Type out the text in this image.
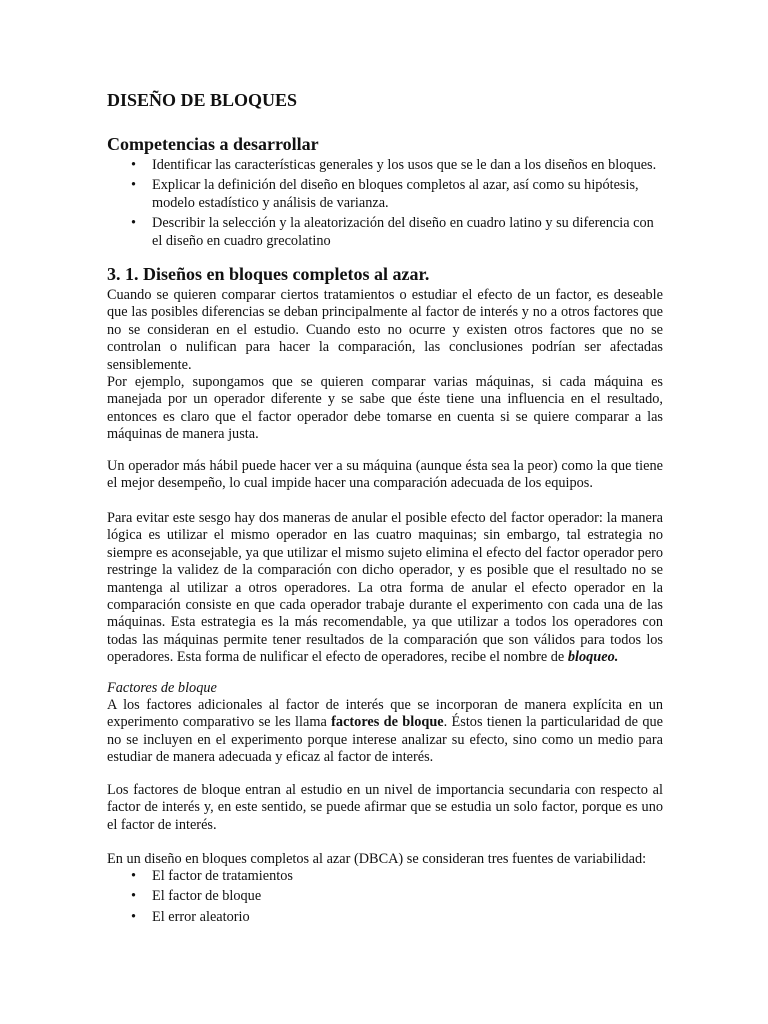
DISEÑO DE BLOQUES
Competencias a desarrollar
• Identificar las características generales y los usos que se le dan a los diseños en bloques.
• Explicar la definición del diseño en bloques completos al azar, así como su hipótesis, modelo estadístico y análisis de varianza.
• Describir la selección y la aleatorización del diseño en cuadro latino y su diferencia con el diseño en cuadro grecolatino
3. 1. Diseños en bloques completos al azar.

Cuando se quieren comparar ciertos tratamientos o estudiar el efecto de un factor, es deseable que las posibles diferencias se deban principalmente al factor de interés y no a otros factores que no se consideran en el estudio. Cuando esto no ocurre y existen otros factores que no se controlan o nulifican para hacer la comparación, las conclusiones podrían ser afectadas sensiblemente.

Por ejemplo, supongamos que se quieren comparar varias máquinas, si cada máquina es manejada por un operador diferente y se sabe que éste tiene una influencia en el resultado, entonces es claro que el factor operador debe tomarse en cuenta si se quiere comparar a las máquinas de manera justa.

Un operador más hábil puede hacer ver a su máquina (aunque ésta sea la peor) como la que tiene el mejor desempeño, lo cual impide hacer una comparación adecuada de los equipos.

Para evitar este sesgo hay dos maneras de anular el posible efecto del factor operador: la manera lógica es utilizar el mismo operador en las cuatro maquinas; sin embargo, tal estrategia no siempre es aconsejable, ya que utilizar el mismo sujeto elimina el efecto del factor operador pero restringe la validez de la comparación con dicho operador, y es posible que el resultado no se mantenga al utilizar a otros operadores. La otra forma de anular el efecto operador en la comparación consiste en que cada operador trabaje durante el experimento con cada una de las máquinas. Esta estrategia es la más recomendable, ya que utilizar a todos los operadores con todas las máquinas permite tener resultados de la comparación que son válidos para todos los operadores. Esta forma de nulificar el efecto de operadores, recibe el nombre de bloqueo.

Factores de bloque

A los factores adicionales al factor de interés que se incorporan de manera explícita en un experimento comparativo se les llama factores de bloque. Éstos tienen la particularidad de que no se incluyen en el experimento porque interese analizar su efecto, sino como un medio para estudiar de manera adecuada y eficaz al factor de interés.

Los factores de bloque entran al estudio en un nivel de importancia secundaria con respecto al factor de interés y, en este sentido, se puede afirmar que se estudia un solo factor, porque es uno el factor de interés.

En un diseño en bloques completos al azar (DBCA) se consideran tres fuentes de variabilidad:

• El factor de tratamientos
• El factor de bloque
• El error aleatorio
